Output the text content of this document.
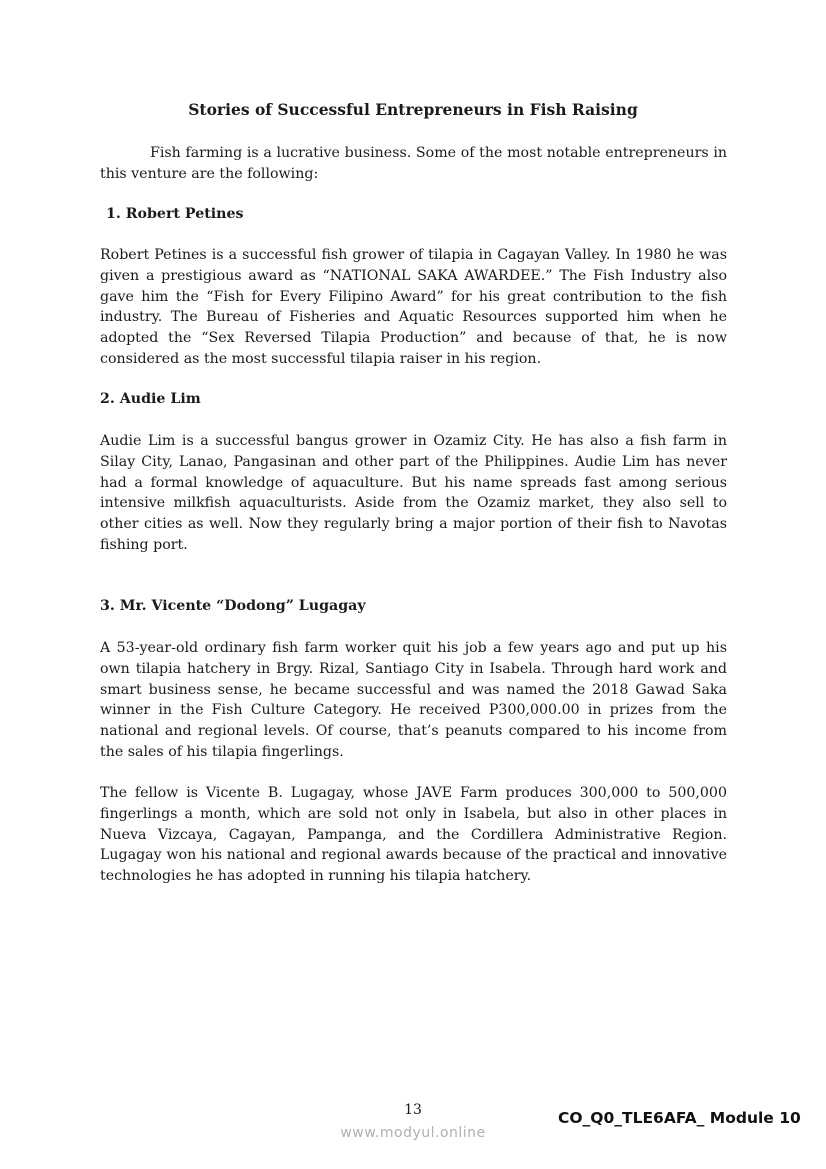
Stories of Successful Entrepreneurs in Fish Raising
Fish farming is a lucrative business. Some of the most notable entrepreneurs in this venture are the following:
1. Robert Petines
Robert Petines is a successful fish grower of tilapia in Cagayan Valley. In 1980 he was given a prestigious award as “NATIONAL SAKA AWARDEE.” The Fish Industry also gave him the “Fish for Every Filipino Award” for his great contribution to the fish industry. The Bureau of Fisheries and Aquatic Resources supported him when he adopted the “Sex Reversed Tilapia Production” and because of that, he is now considered as the most successful tilapia raiser in his region.
2. Audie Lim
Audie Lim is a successful bangus grower in Ozamiz City. He has also a fish farm in Silay City, Lanao, Pangasinan and other part of the Philippines. Audie Lim has never had a formal knowledge of aquaculture. But his name spreads fast among serious intensive milkfish aquaculturists. Aside from the Ozamiz market, they also sell to other cities as well. Now they regularly bring a major portion of their fish to Navotas fishing port.
3. Mr. Vicente “Dodong” Lugagay
A 53-year-old ordinary fish farm worker quit his job a few years ago and put up his own tilapia hatchery in Brgy. Rizal, Santiago City in Isabela. Through hard work and smart business sense, he became successful and was named the 2018 Gawad Saka winner in the Fish Culture Category. He received P300,000.00 in prizes from the national and regional levels. Of course, that’s peanuts compared to his income from the sales of his tilapia fingerlings.
The fellow is Vicente B. Lugagay, whose JAVE Farm produces 300,000 to 500,000 fingerlings a month, which are sold not only in Isabela, but also in other places in Nueva Vizcaya, Cagayan, Pampanga, and the Cordillera Administrative Region. Lugagay won his national and regional awards because of the practical and innovative technologies he has adopted in running his tilapia hatchery.
13	CO_Q0_TLE6AFA_ Module 10
www.modyul.online
